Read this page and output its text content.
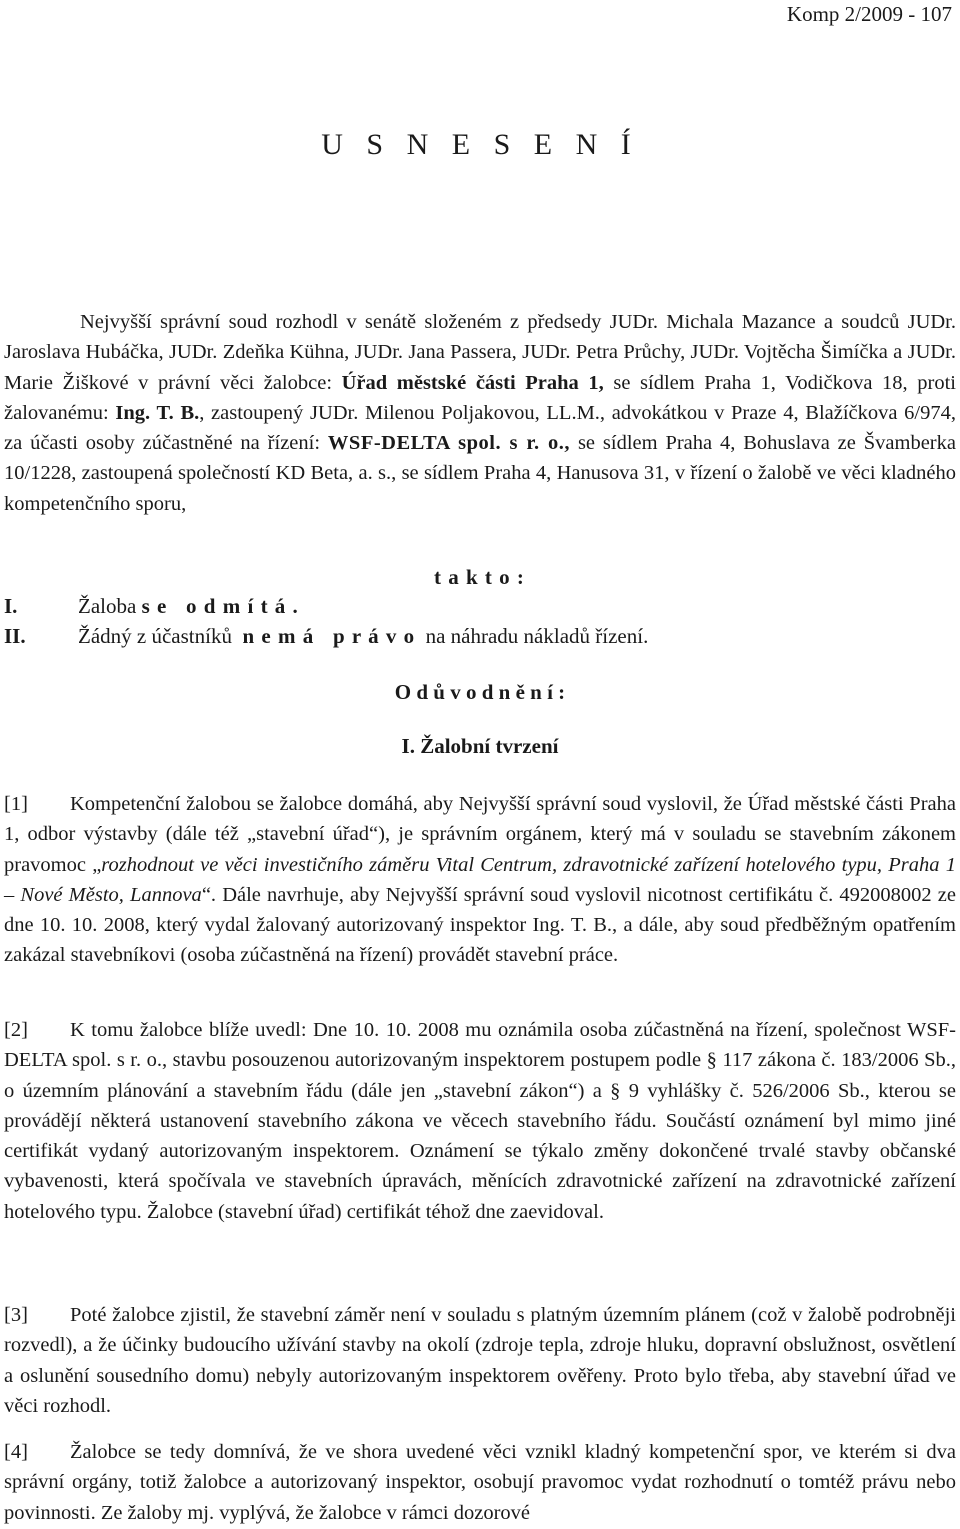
Komp 2/2009 - 107
U S N E S E N Í

Nejvyšší správní soud rozhodl v senátě složeném z předsedy JUDr. Michala Mazance a soudců JUDr. Jaroslava Hubáčka, JUDr. Zdeňka Kühna, JUDr. Jana Passera, JUDr. Petra Průchy, JUDr. Vojtěcha Šimíčka a JUDr. Marie Žiškové v právní věci žalobce: Úřad městské části Praha 1, se sídlem Praha 1, Vodičkova 18, proti žalovanému: Ing. T. B., zastoupený JUDr. Milenou Poljakovou, LL.M., advokátkou v Praze 4, Blažíčkova 6/974, za účasti osoby zúčastněné na řízení: WSF-DELTA spol. s r. o., se sídlem Praha 4, Bohuslava ze Švamberka 10/1228, zastoupená společností KD Beta, a. s., se sídlem Praha 4, Hanusova 31, v řízení o žalobě ve věci kladného kompetenčního sporu,

t a k t o :
I.	Žaloba s e   o d m í t á .
II. Žádný z účastníků  n e m á   p r á v o  na náhradu nákladů řízení.
O d ů v o d n ě n í :
I. Žalobní tvrzení

[1] Kompetenční žalobou se žalobce domáhá, aby Nejvyšší správní soud vyslovil, že Úřad městské části Praha 1, odbor výstavby (dále též „stavební úřad“), je správním orgánem, který má v souladu se stavebním zákonem pravomoc „rozhodnout ve věci investičního záměru Vital Centrum, zdravotnické zařízení hotelového typu, Praha 1 – Nové Město, Lannova“. Dále navrhuje, aby Nejvyšší správní soud vyslovil nicotnost certifikátu č. 492008002 ze dne 10. 10. 2008, který vydal žalovaný autorizovaný inspektor Ing. T. B., a dále, aby soud předběžným opatřením zakázal stavebníkovi (osoba zúčastněná na řízení) provádět stavební práce.

[2] K tomu žalobce blíže uvedl: Dne 10. 10. 2008 mu oznámila osoba zúčastněná na řízení, společnost WSF-DELTA spol. s r. o., stavbu posouzenou autorizovaným inspektorem postupem podle § 117 zákona č. 183/2006 Sb., o územním plánování a stavebním řádu (dále jen „stavební zákon“) a § 9 vyhlášky č. 526/2006 Sb., kterou se provádějí některá ustanovení stavebního zákona ve věcech stavebního řádu. Součástí oznámení byl mimo jiné certifikát vydaný autorizovaným inspektorem. Oznámení se týkalo změny dokončené trvalé stavby občanské vybavenosti, která spočívala ve stavebních úpravách, měnících zdravotnické zařízení na zdravotnické zařízení hotelového typu. Žalobce (stavební úřad) certifikát téhož dne zaevidoval.

[3] Poté žalobce zjistil, že stavební záměr není v souladu s platným územním plánem (což v žalobě podrobněji rozvedl), a že účinky budoucího užívání stavby na okolí (zdroje tepla, zdroje hluku, dopravní obslužnost, osvětlení a oslunění sousedního domu) nebyly autorizovaným inspektorem ověřeny. Proto bylo třeba, aby stavební úřad ve věci rozhodl.

[4] Žalobce se tedy domnívá, že ve shora uvedené věci vznikl kladný kompetenční spor, ve kterém si dva správní orgány, totiž žalobce a autorizovaný inspektor, osobují pravomoc vydat rozhodnutí o tomtéž právu nebo povinnosti. Ze žaloby mj. vyplývá, že žalobce v rámci dozorové
